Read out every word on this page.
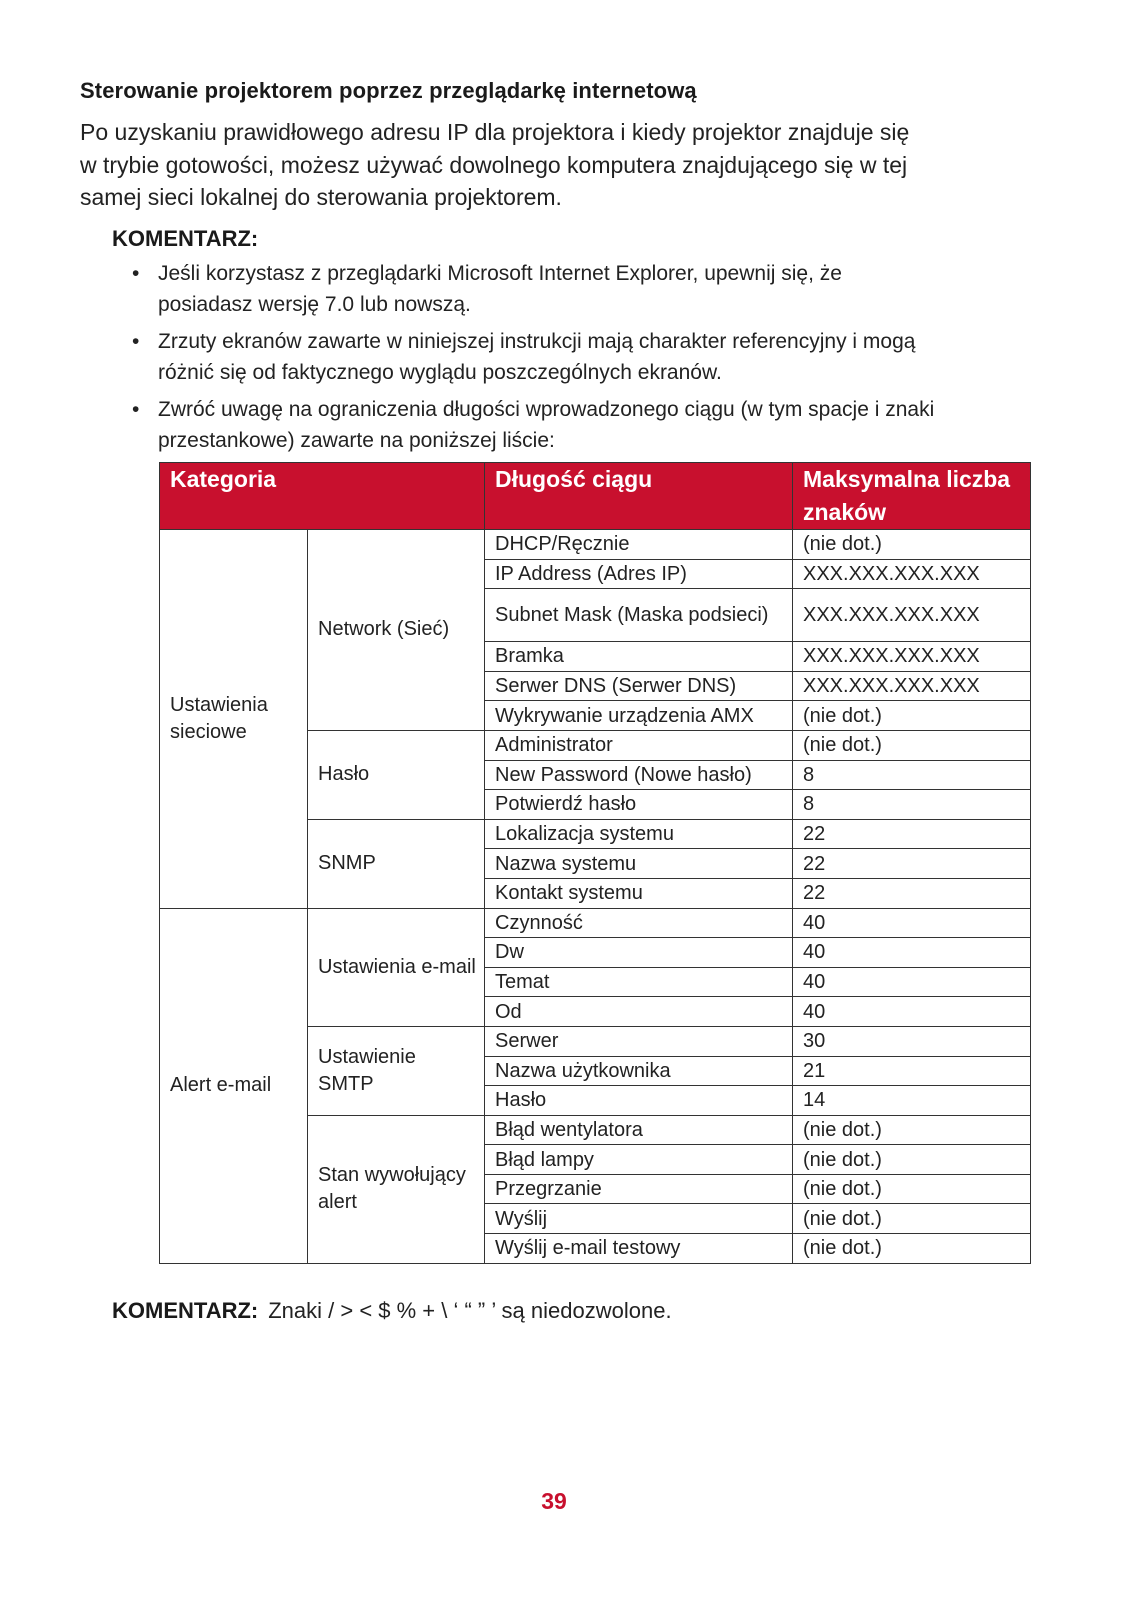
Sterowanie projektorem poprzez przeglądarkę internetową

Po uzyskaniu prawidłowego adresu IP dla projektora i kiedy projektor znajduje się
w trybie gotowości, możesz używać dowolnego komputera znajdującego się w tej
samej sieci lokalnej do sterowania projektorem.

KOMENTARZ:
• Jeśli korzystasz z przeglądarki Microsoft Internet Explorer, upewnij się, że
posiadasz wersję 7.0 lub nowszą.
• Zrzuty ekranów zawarte w niniejszej instrukcji mają charakter referencyjny i mogą
różnić się od faktycznego wyglądu poszczególnych ekranów.
• Zwróć uwagę na ograniczenia długości wprowadzonego ciągu (w tym spacje i znaki
przestankowe) zawarte na poniższej liście:
Kategoria		Długość ciągu	Maksymalna liczba znaków
Ustawienia sieciowe	Network (Sieć)	DHCP/Ręcznie	(nie dot.)
		IP Address (Adres IP)	XXX.XXX.XXX.XXX
		Subnet Mask (Maska podsieci)	XXX.XXX.XXX.XXX
		Bramka	XXX.XXX.XXX.XXX
		Serwer DNS (Serwer DNS)	XXX.XXX.XXX.XXX
		Wykrywanie urządzenia AMX	(nie dot.)
	Hasło	Administrator	(nie dot.)
		New Password (Nowe hasło)	8
		Potwierdź hasło	8
	SNMP	Lokalizacja systemu	22
		Nazwa systemu	22
		Kontakt systemu	22
Alert e-mail	Ustawienia e-mail	Czynność	40
		Dw	40
		Temat	40
		Od	40
	Ustawienie SMTP	Serwer	30
		Nazwa użytkownika	21
		Hasło	14
	Stan wywołujący alert	Błąd wentylatora	(nie dot.)
		Błąd lampy	(nie dot.)
		Przegrzanie	(nie dot.)
		Wyślij	(nie dot.)
		Wyślij e-mail testowy	(nie dot.)
KOMENTARZ: Znaki / > < $ % + \ ‘ “ ” ’ są niedozwolone.
39
